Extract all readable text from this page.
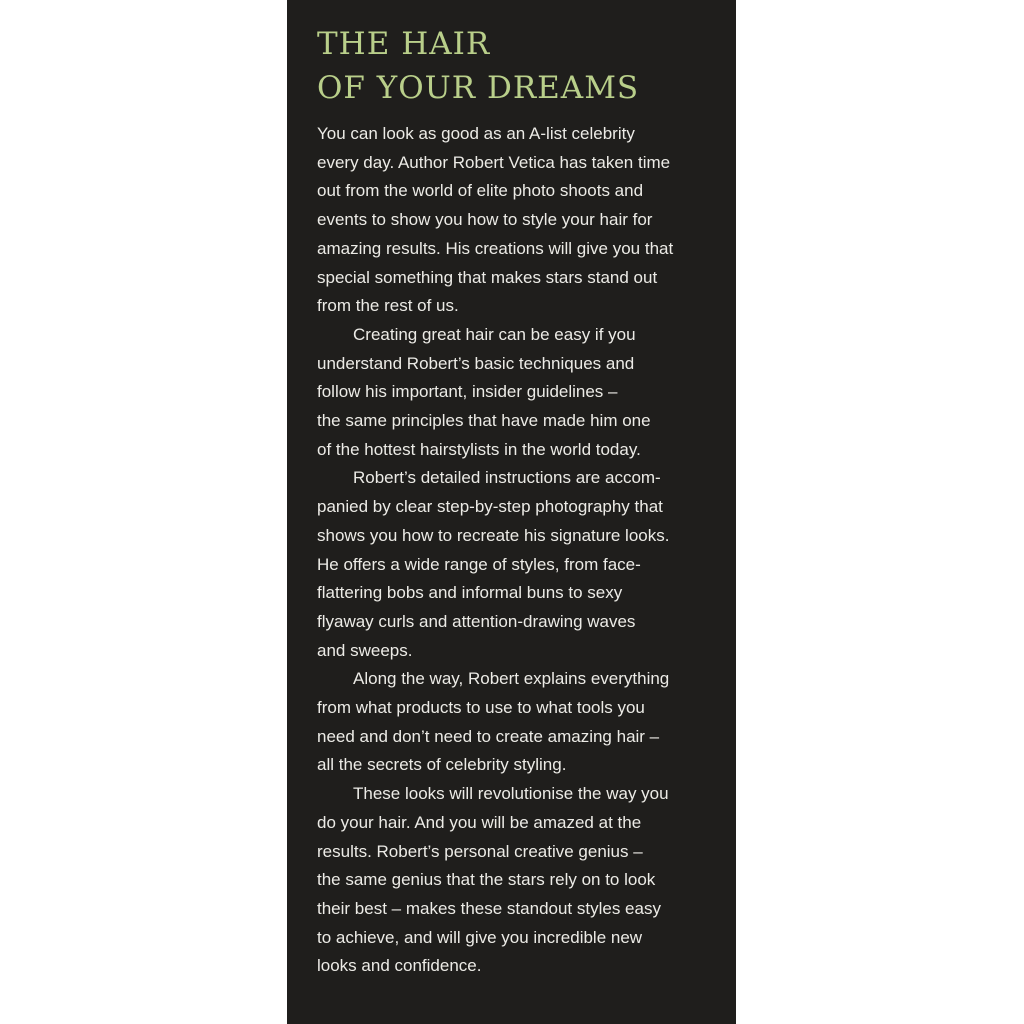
THE HAIR
OF YOUR DREAMS

You can look as good as an A-list celebrity
every day. Author Robert Vetica has taken time
out from the world of elite photo shoots and
events to show you how to style your hair for
amazing results. His creations will give you that
special something that makes stars stand out
from the rest of us.

Creating great hair can be easy if you
understand Robert’s basic techniques and
follow his important, insider guidelines –
the same principles that have made him one
of the hottest hairstylists in the world today.

Robert’s detailed instructions are accom-
panied by clear step-by-step photography that
shows you how to recreate his signature looks.
He offers a wide range of styles, from face-
flattering bobs and informal buns to sexy
flyaway curls and attention-drawing waves
and sweeps.

Along the way, Robert explains everything
from what products to use to what tools you
need and don’t need to create amazing hair –
all the secrets of celebrity styling.

These looks will revolutionise the way you
do your hair. And you will be amazed at the
results. Robert’s personal creative genius –
the same genius that the stars rely on to look
their best – makes these standout styles easy
to achieve, and will give you incredible new
looks and confidence.
